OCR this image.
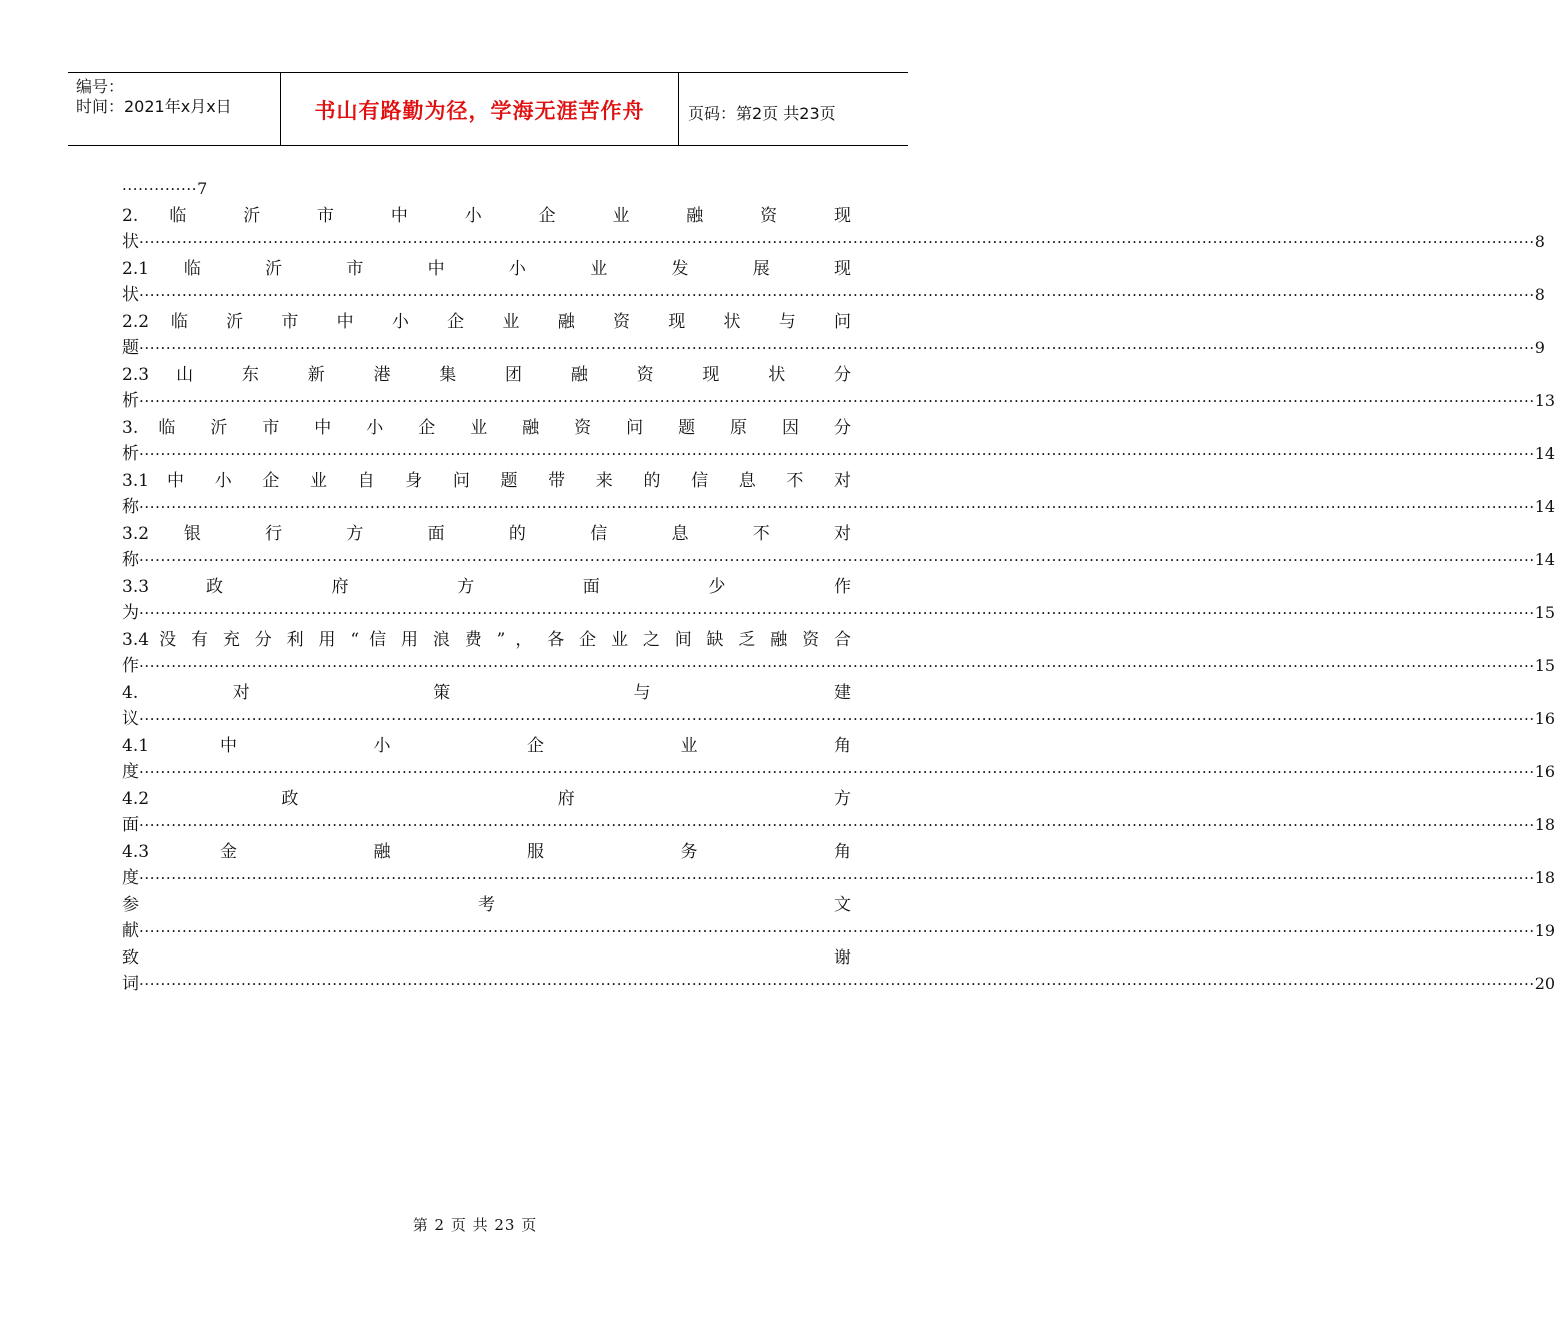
编号：
时间：2021年x月x日	书山有路勤为径，学海无涯苦作舟	页码：第2页 共23页
·············· 7
2. 临 沂 市 中 小 企 业 融 资 现
状 ···································································································································································································································································· 8
2.1 临 沂 市 中 小 业 发 展 现
状 ···································································································································································································································································· 8
2.2 临 沂 市 中 小 企 业 融 资 现 状 与 问
题 ···································································································································································································································································· 9
2.3 山 东 新 港 集 团 融 资 现 状 分
析 ···································································································································································································································································· 13
3. 临 沂 市 中 小 企 业 融 资 问 题 原 因 分
析 ···································································································································································································································································· 14
3.1 中 小 企 业 自 身 问 题 带 来 的 信 息 不 对
称 ···································································································································································································································································· 14
3.2 银 行 方 面 的 信 息 不 对
称 ···································································································································································································································································· 14
3.3 政 府 方 面 少 作
为 ···································································································································································································································································· 15
3.4 没 有 充 分 利 用 “ 信 用 浪 费 ” ， 各 企 业 之 间 缺 乏 融 资 合
作 ···································································································································································································································································· 15
4. 对 策 与 建
议 ···································································································································································································································································· 16
4.1 中 小 企 业 角
度 ···································································································································································································································································· 16
4.2 政 府 方
面 ···································································································································································································································································· 18
4.3 金 融 服 务 角
度 ···································································································································································································································································· 18
参 考 文
献 ···································································································································································································································································· 19
致 谢
词 ···································································································································································································································································· 20
第 2 页 共 23 页
